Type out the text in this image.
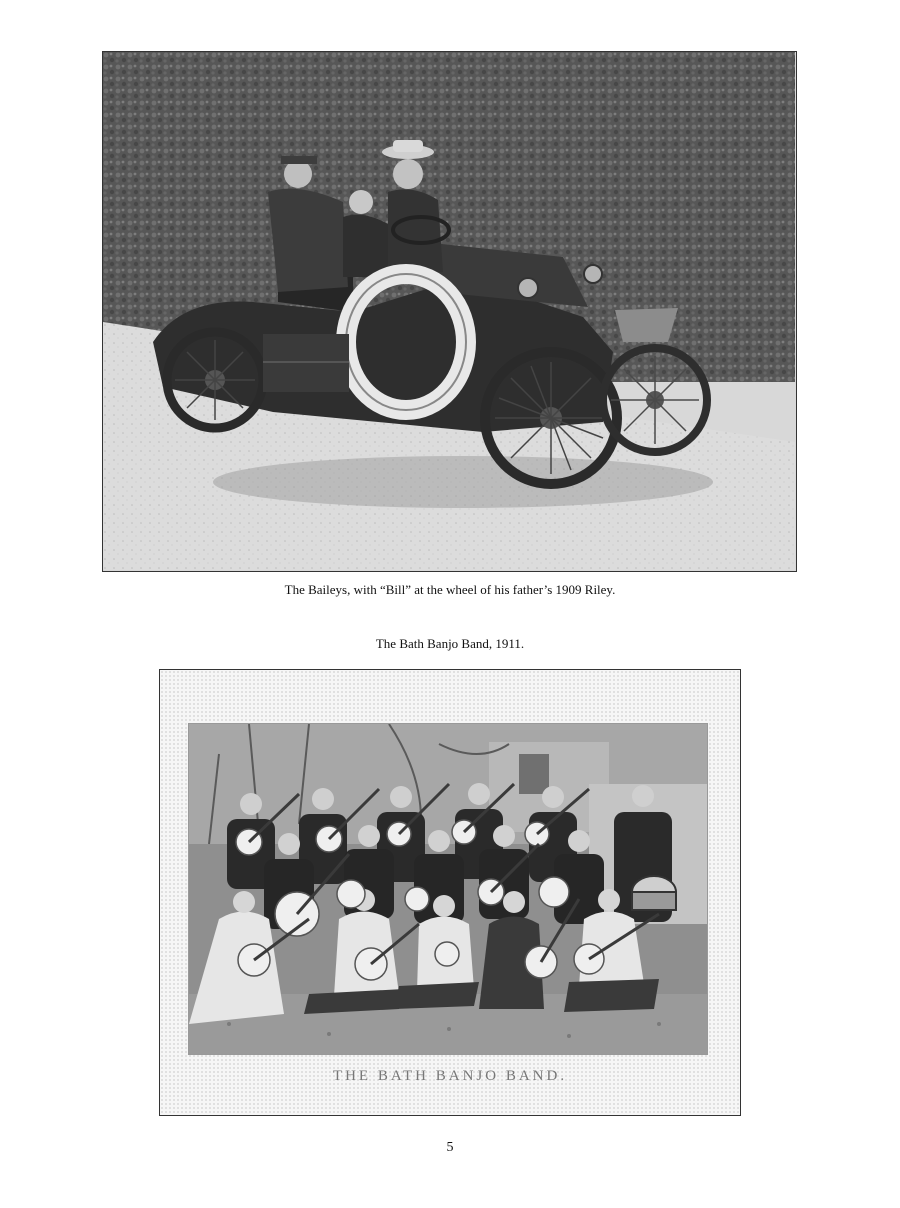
The Baileys, with “Bill” at the wheel of his father’s 1909 Riley.
The Bath Banjo Band, 1911.
THE BATH BANJO BAND.
5
